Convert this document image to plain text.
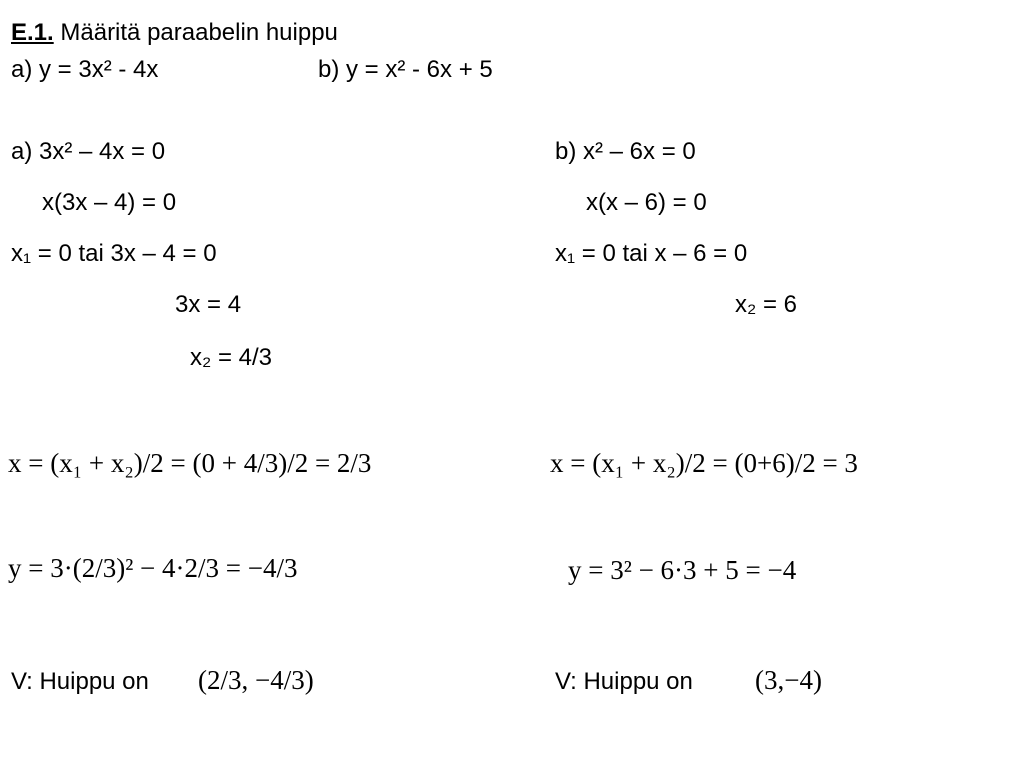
E.1. Määritä paraabelin huippu
a) y = 3x² - 4x	b) y = x² - 6x + 5
a) 3x² – 4x = 0
x(3x – 4) = 0
x₁ = 0 tai 3x – 4 = 0
3x = 4
x₂ = 4/3
b) x² – 6x = 0
x(x – 6) = 0
x₁ = 0 tai x – 6 = 0
x₂ = 6
x = (x₁ + x₂)/2 = (0 + 4/3)/2 = 2/3	x = (x₁ + x₂)/2 = (0+6)/2 = 3
y = 3·(2/3)² − 4·2/3 = −4/3	y = 3² − 6·3 + 5 = −4
V: Huippu on (2/3, −4/3)	V: Huippu on (3,−4)
